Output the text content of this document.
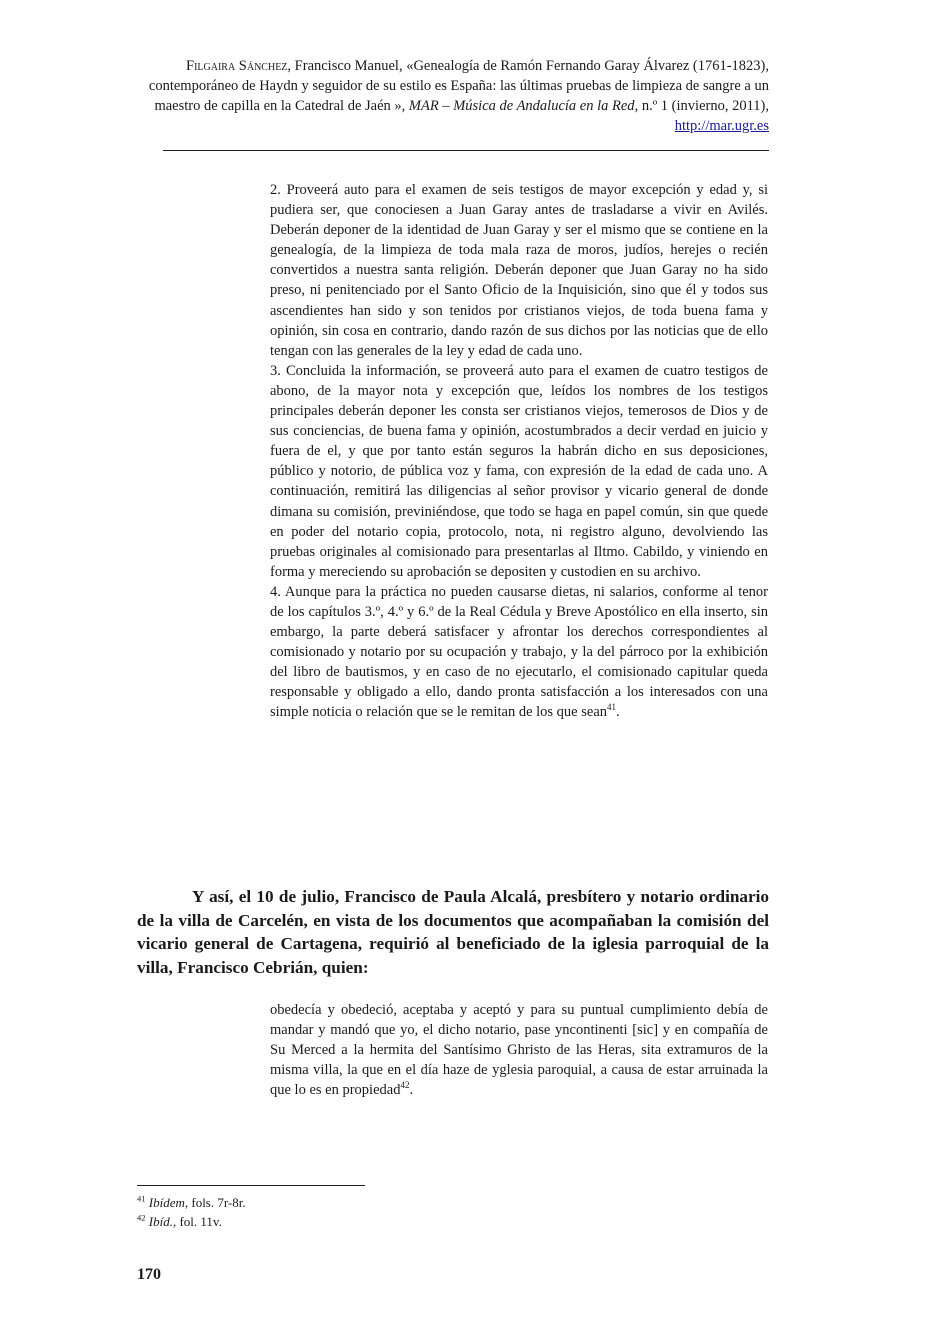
Filgaira Sánchez, Francisco Manuel, «Genealogía de Ramón Fernando Garay Álvarez (1761-1823), contemporáneo de Haydn y seguidor de su estilo es España: las últimas pruebas de limpieza de sangre a un maestro de capilla en la Catedral de Jaén », MAR – Música de Andalucía en la Red, n.º 1 (invierno, 2011), http://mar.ugr.es

2. Proveerá auto para el examen de seis testigos de mayor excepción y edad y, si pudiera ser, que conociesen a Juan Garay antes de trasladarse a vivir en Avilés. Deberán deponer de la identidad de Juan Garay y ser el mismo que se contiene en la genealogía, de la limpieza de toda mala raza de moros, judíos, herejes o recién convertidos a nuestra santa religión. Deberán deponer que Juan Garay no ha sido preso, ni penitenciado por el Santo Oficio de la Inquisición, sino que él y todos sus ascendientes han sido y son tenidos por cristianos viejos, de toda buena fama y opinión, sin cosa en contrario, dando razón de sus dichos por las noticias que de ello tengan con las generales de la ley y edad de cada uno.

3. Concluida la información, se proveerá auto para el examen de cuatro testigos de abono, de la mayor nota y excepción que, leídos los nombres de los testigos principales deberán deponer les consta ser cristianos viejos, temerosos de Dios y de sus conciencias, de buena fama y opinión, acostumbrados a decir verdad en juicio y fuera de el, y que por tanto están seguros la habrán dicho en sus deposiciones, público y notorio, de pública voz y fama, con expresión de la edad de cada uno. A continuación, remitirá las diligencias al señor provisor y vicario general de donde dimana su comisión, previniéndose, que todo se haga en papel común, sin que quede en poder del notario copia, protocolo, nota, ni registro alguno, devolviendo las pruebas originales al comisionado para presentarlas al Iltmo. Cabildo, y viniendo en forma y mereciendo su aprobación se depositen y custodien en su archivo.

4. Aunque para la práctica no pueden causarse dietas, ni salarios, conforme al tenor de los capítulos 3.º, 4.º y 6.º de la Real Cédula y Breve Apostólico en ella inserto, sin embargo, la parte deberá satisfacer y afrontar los derechos correspondientes al comisionado y notario por su ocupación y trabajo, y la del párroco por la exhibición del libro de bautismos, y en caso de no ejecutarlo, el comisionado capitular queda responsable y obligado a ello, dando pronta satisfacción a los interesados con una simple noticia o relación que se le remitan de los que sean$^{41}$.

Y así, el 10 de julio, Francisco de Paula Alcalá, presbítero y notario ordinario de la villa de Carcelén, en vista de los documentos que acompañaban la comisión del vicario general de Cartagena, requirió al beneficiado de la iglesia parroquial de la villa, Francisco Cebrián, quien:

obedecía y obedeció, aceptaba y aceptó y para su puntual cumplimiento debía de mandar y mandó que yo, el dicho notario, pase yncontinenti [sic] y en compañía de Su Merced a la hermita del Santísimo Ghristo de las Heras, sita extramuros de la misma villa, la que en el día haze de yglesia paroquial, a causa de estar arruinada la que lo es en propiedad$^{42}$.

$^{41}$ Ibídem, fols. 7r-8r.
$^{42}$ Ibíd., fol. 11v.
170
